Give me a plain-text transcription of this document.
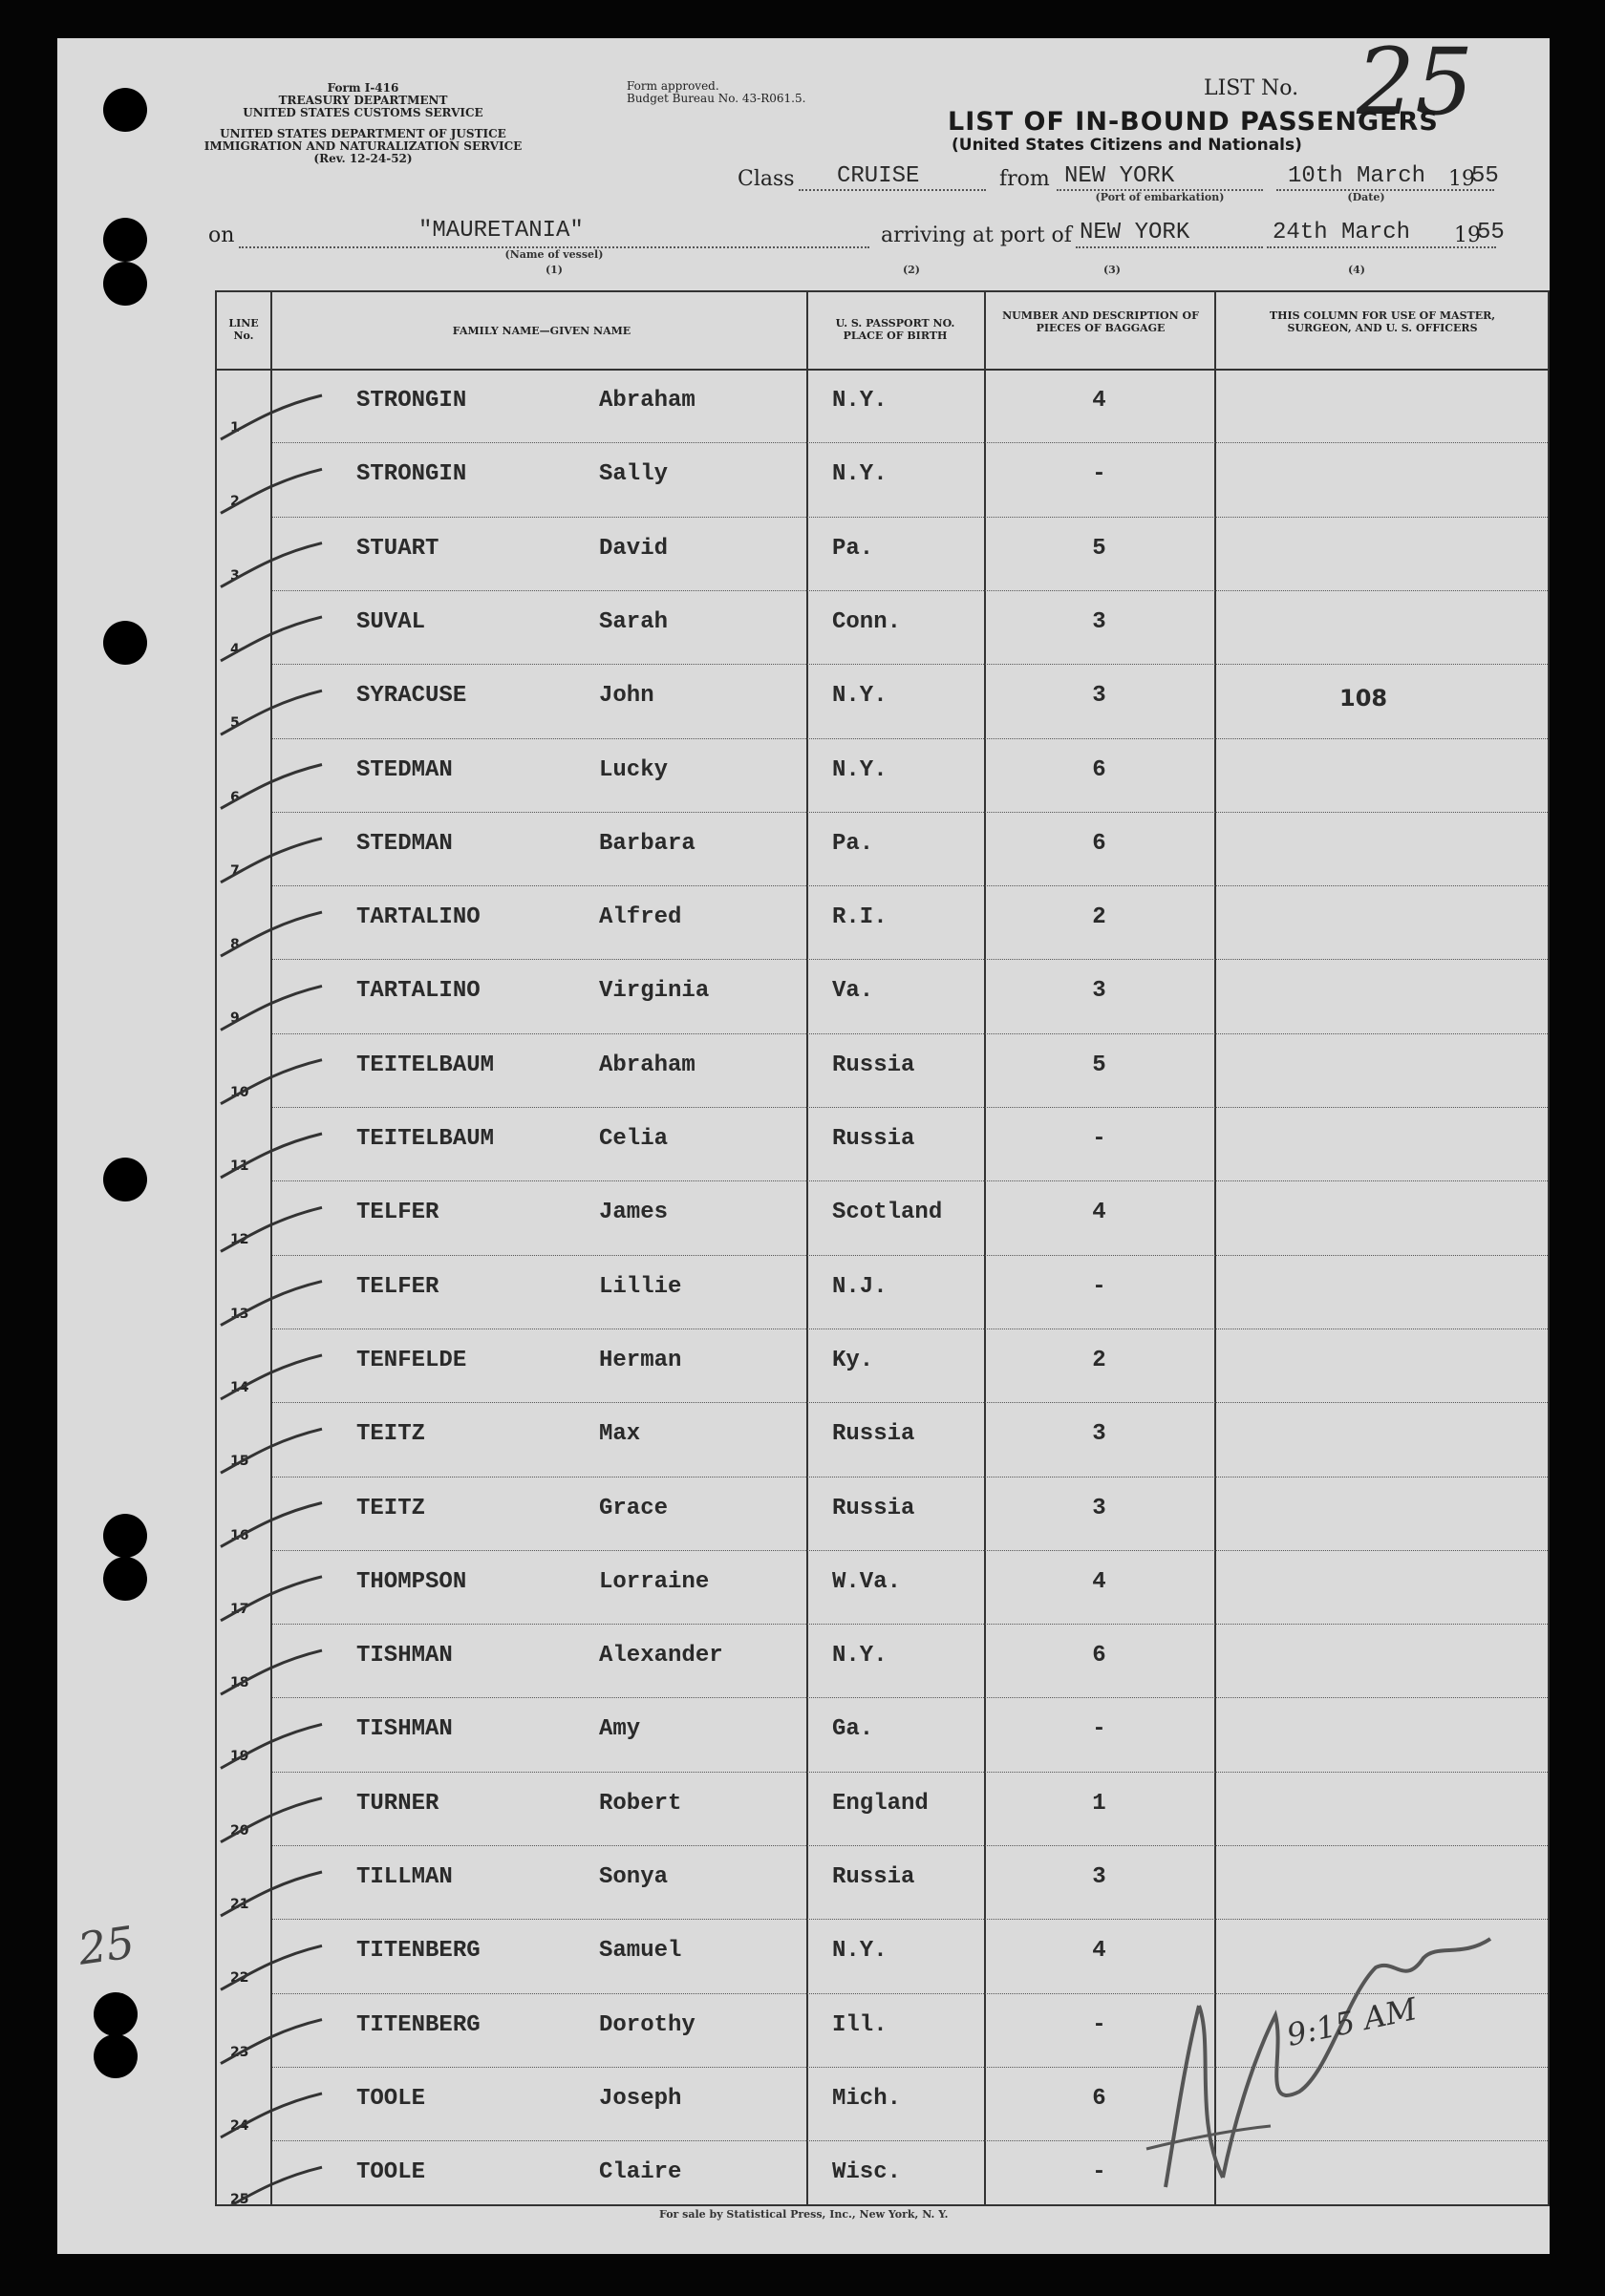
Form I-416
TREASURY DEPARTMENT
UNITED STATES CUSTOMS SERVICE
UNITED STATES DEPARTMENT OF JUSTICE
IMMIGRATION AND NATURALIZATION SERVICE
(Rev. 12-24-52)
Form approved.
Budget Bureau No. 43-R061.5.	LIST No. 25
LIST OF IN-BOUND PASSENGERS
(United States Citizens and Nationals)
Class CRUISE	from NEW YORK
(Port of embarkation)
10th March 19
55
(Date)
on	"MAURETANIA"
(Name of vessel)
(1)
arriving at port of NEW YORK
(2)	(3)
24th March 19
55
(4)
LINE No.	FAMILY NAME—GIVEN NAME
U. S. PASSPORT NO. PLACE OF BIRTH
NUMBER AND DESCRIPTION OF PIECES OF BAGGAGE
THIS COLUMN FOR USE OF MASTER, SURGEON, AND U. S. OFFICERS
1
STRONGIN	Abraham	N.Y.	4
2
STRONGIN	Sally	N.Y.	-
3
STUART	David	Pa.	5
4
SUVAL	Sarah	Conn.	3
5
SYRACUSE	John	N.Y.	3	108
6
STEDMAN	Lucky	N.Y.	6
7
STEDMAN	Barbara	Pa.	6
8
TARTALINO	Alfred	R.I.	2
9
TARTALINO	Virginia	Va.	3
10
TEITELBAUM	Abraham	Russia	5
11
TEITELBAUM	Celia	Russia	-
12
TELFER	James	Scotland	4
13
TELFER	Lillie	N.J.	-
14
TENFELDE	Herman	Ky.	2
15
TEITZ	Max	Russia	3
16
TEITZ	Grace	Russia	3
17
THOMPSON	Lorraine	W.Va.	4
18
TISHMAN	Alexander	N.Y.	6
19
TISHMAN	Amy	Ga.	-
20
TURNER	Robert	England	1
21
TILLMAN	Sonya	Russia	3
22
TITENBERG	Samuel	N.Y.	4
23
TITENBERG	Dorothy	Ill.	-
24
TOOLE	Joseph	Mich.	6
25
TOOLE	Claire	Wisc.	-
25
9:15 AM
For sale by Statistical Press, Inc., New York, N. Y.
